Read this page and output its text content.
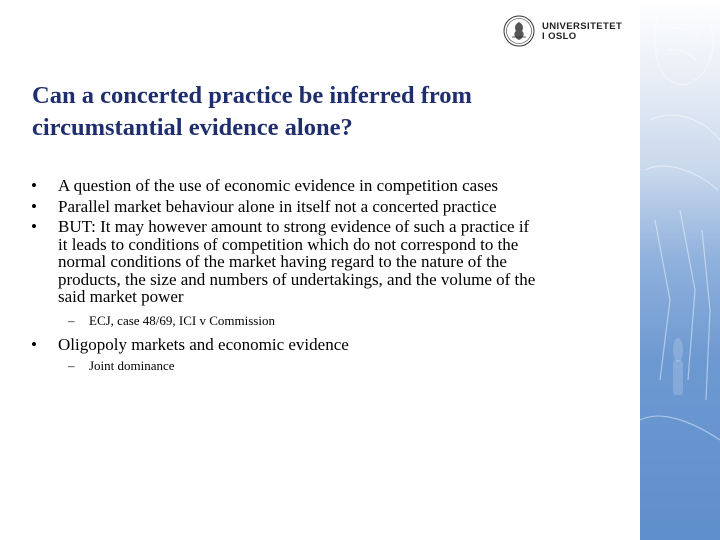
UNIVERSITETET
I OSLO
Can a concerted practice be inferred from
circumstantial evidence alone?
• A question of the use of economic evidence in competition cases
• Parallel market behaviour alone in itself not a concerted practice
• BUT: It may however amount to strong evidence of such a practice if
it leads to conditions of competition which do not correspond to the
normal conditions of the market having regard to the nature of the
products, the size and numbers of undertakings, and the volume of the
said market power
– ECJ, case 48/69, ICI v Commission
• Oligopoly markets and economic evidence
– Joint dominance
